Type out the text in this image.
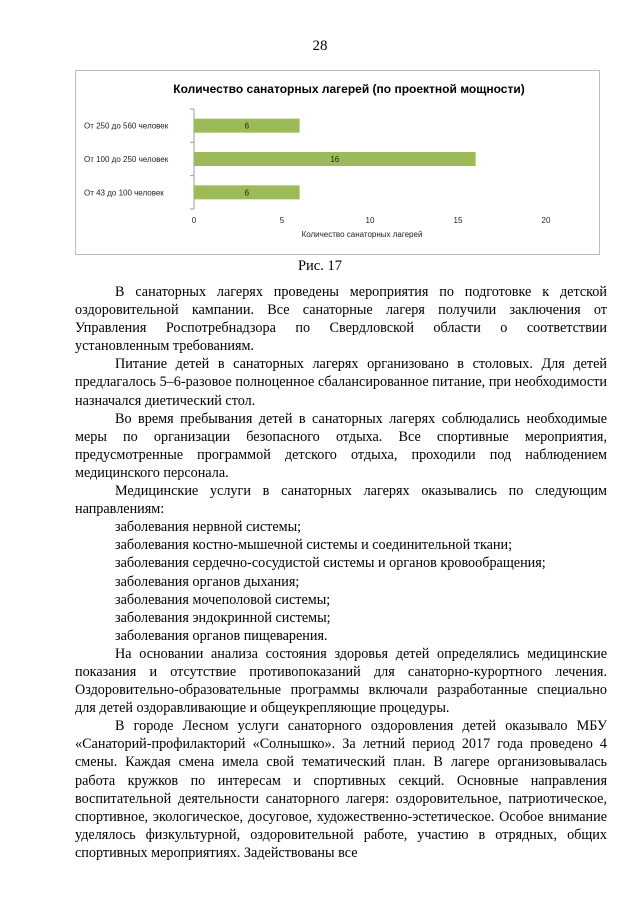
28
Количество санаторных лагерей (по проектной мощности)
От 250 до 560 человек	6
От 100 до 250 человек	16
От 43 до 100 человек	6
0	5	10	15	20
Количество санаторных лагерей
Рис. 17

В санаторных лагерях проведены мероприятия по подготовке к детской оздоровительной кампании. Все санаторные лагеря получили заключения от Управления Роспотребнадзора по Свердловской области о соответствии установленным требованиям.

Питание детей в санаторных лагерях организовано в столовых. Для детей предлагалось 5–6-разовое полноценное сбалансированное питание, при необходимости назначался диетический стол.

Во время пребывания детей в санаторных лагерях соблюдались необходимые меры по организации безопасного отдыха. Все спортивные мероприятия, предусмотренные программой детского отдыха, проходили под наблюдением медицинского персонала.

Медицинские услуги в санаторных лагерях оказывались по следующим направлениям:

заболевания нервной системы;
заболевания костно-мышечной системы и соединительной ткани;
заболевания сердечно-сосудистой системы и органов кровообращения;
заболевания органов дыхания;
заболевания мочеполовой системы;
заболевания эндокринной системы;
заболевания органов пищеварения.

На основании анализа состояния здоровья детей определялись медицинские показания и отсутствие противопоказаний для санаторно-курортного лечения. Оздоровительно-образовательные программы включали разработанные специально для детей оздоравливающие и общеукрепляющие процедуры.

В городе Лесном услуги санаторного оздоровления детей оказывало МБУ «Санаторий-профилакторий «Солнышко». За летний период 2017 года проведено 4 смены. Каждая смена имела свой тематический план. В лагере организовывалась работа кружков по интересам и спортивных секций. Основные направления воспитательной деятельности санаторного лагеря: оздоровительное, патриотическое, спортивное, экологическое, досуговое, художественно-эстетическое. Особое внимание уделялось физкультурной, оздоровительной работе, участию в отрядных, общих спортивных мероприятиях. Задействованы все
